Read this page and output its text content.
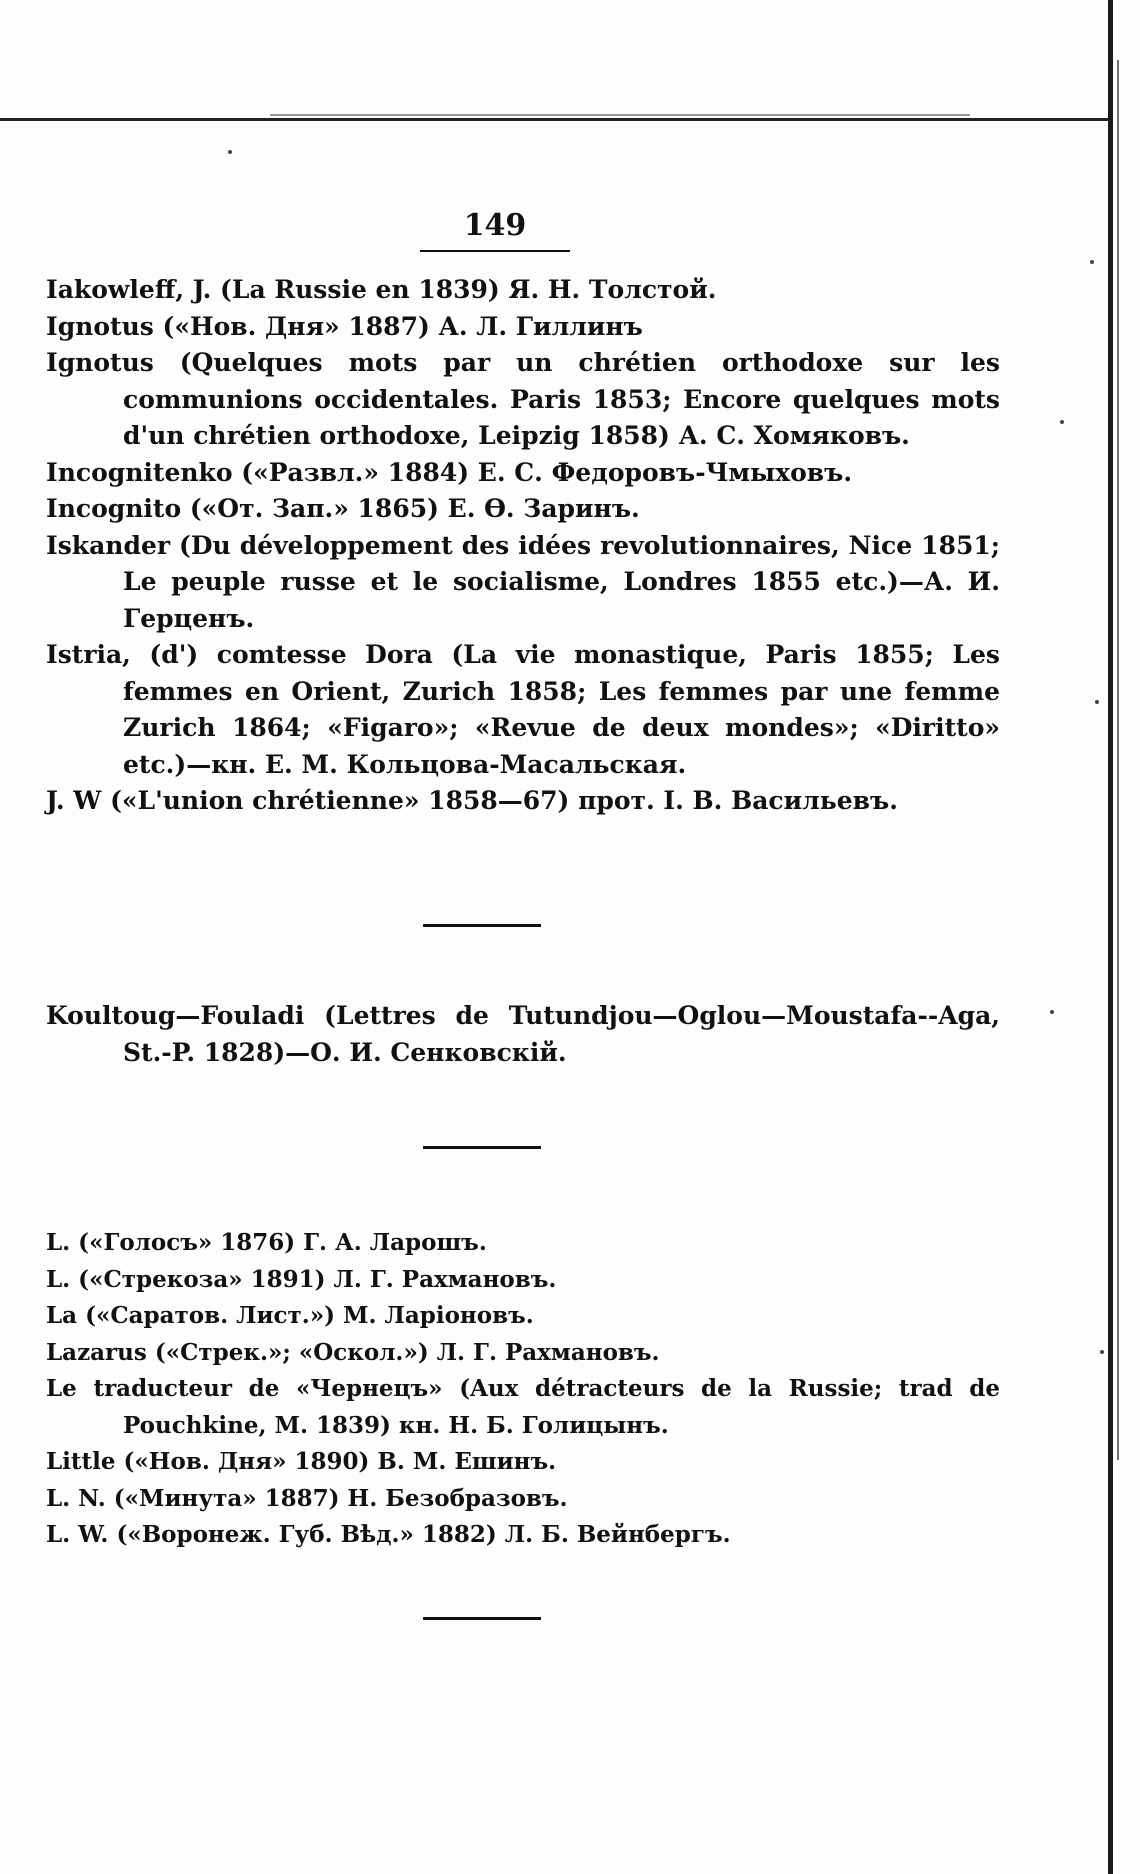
149

Iakowleff, J. (La Russie en 1839) Я. Н. Толстой.

Ignotus («Нов. Дня» 1887) А. Л. Гиллинъ

Ignotus (Quelques mots par un chrétien orthodoxe sur les communions occidentales. Paris 1853; Encore quelques mots d'un chrétien orthodoxe, Leipzig 1858) А. С. Хомяковъ.

Incognitenko («Развл.» 1884) Е. С. Федоровъ-Чмыховъ.

Incognito («От. Зап.» 1865) Е. Ѳ. Заринъ.

Iskander (Du développement des idées revolutionnaires, Nice 1851; Le peuple russe et le socialisme, Londres 1855 etc.)—А. И. Герценъ.

Istria, (d') comtesse Dora (La vie monastique, Paris 1855; Les femmes en Orient, Zurich 1858; Les femmes par une femme Zurich 1864; «Figaro»; «Revue de deux mondes»; «Diritto» etc.)—кн. Е. М. Кольцова-Масальская.

J. W («L'union chrétienne» 1858—67) прот. І. В. Васильевъ.

Koultoug—Fouladi (Lettres de Tutundjou—Oglou—Moustafa--Aga, St.-P. 1828)—О. И. Сенковскій.

L. («Голосъ» 1876) Г. А. Ларошъ.

L. («Стрекоза» 1891) Л. Г. Рахмановъ.

La («Саратов. Лист.») М. Ларіоновъ.

Lazarus («Стрек.»; «Оскол.») Л. Г. Рахмановъ.

Le traducteur de «Чернецъ» (Aux détracteurs de la Russie; trad de Pouchkine, M. 1839) кн. Н. Б. Голицынъ.

Little («Нов. Дня» 1890) В. М. Ешинъ.

L. N. («Минута» 1887) Н. Безобразовъ.

L. W. («Воронеж. Губ. Вѣд.» 1882) Л. Б. Вейнбергъ.
